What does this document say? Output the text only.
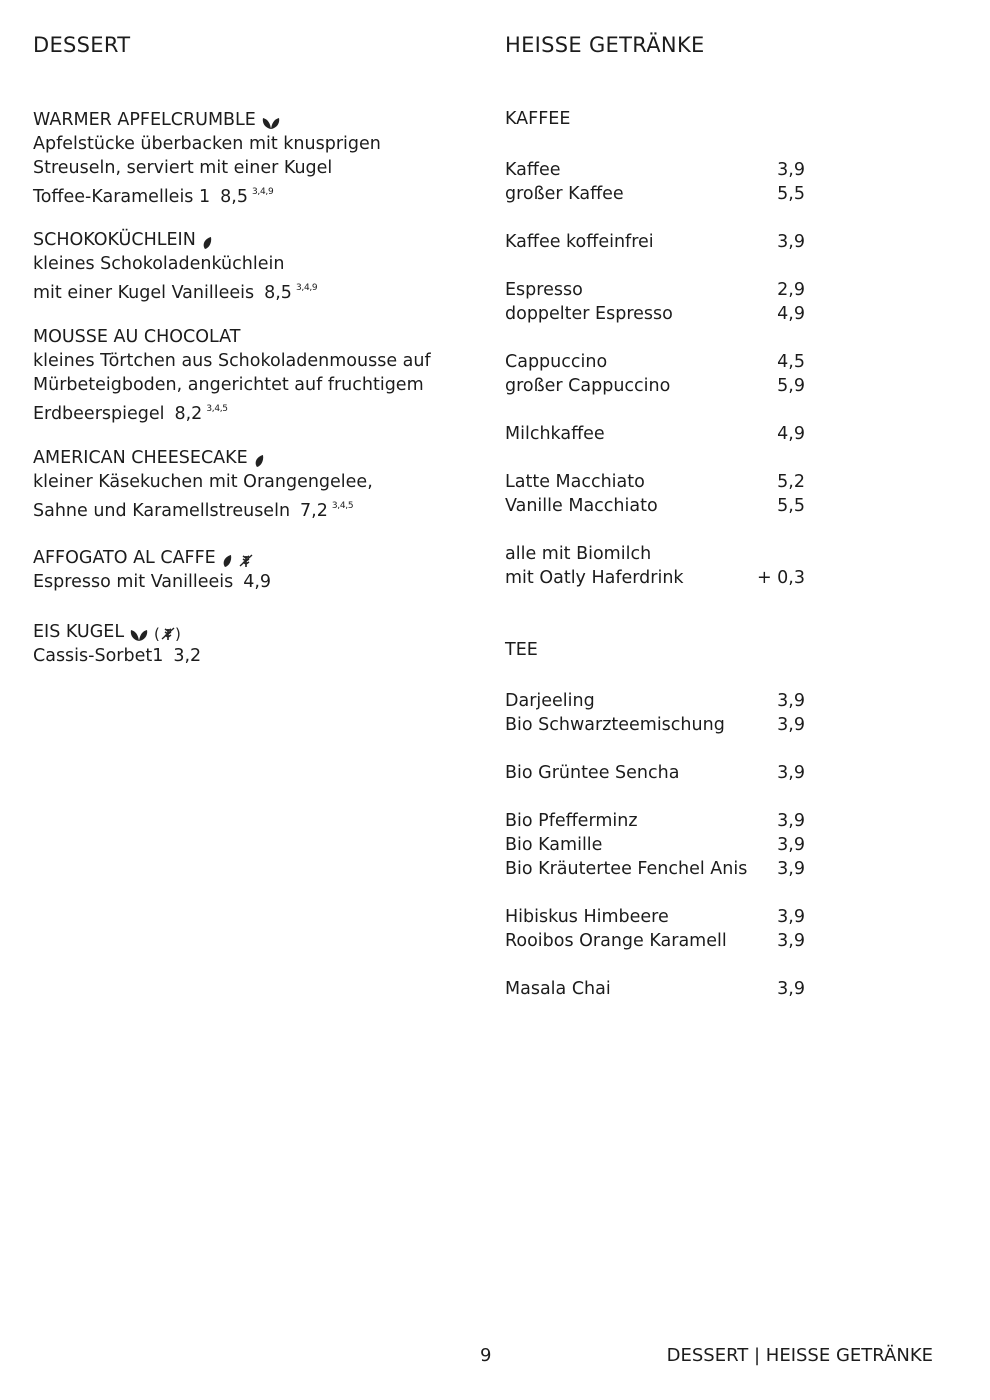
DESSERT	HEISSE GETRÄNKE
WARMER APFELCRUMBLE
Apfelstücke überbacken mit knusprigen
Streuseln, serviert mit einer Kugel
Toffee-Karamelleis 1 8,5 $^{3,4,9}$
SCHOKOKÜCHLEIN
kleines Schokoladenküchlein
mit einer Kugel Vanilleeis 8,5 $^{3,4,9}$
MOUSSE AU CHOCOLAT
kleines Törtchen aus Schokoladenmousse auf
Mürbeteigboden, angerichtet auf fruchtigem
Erdbeerspiegel 8,2 $^{3,4,5}$
AMERICAN CHEESECAKE
kleiner Käsekuchen mit Orangengelee,
Sahne und Karamellstreuseln 7,2 $^{3,4,5}$
AFFOGATO AL CAFFE
Espresso mit Vanilleeis 4,9
EIS KUGEL ( )
Cassis-Sorbet1 3,2
KAFFEE
Kaffee	3,9
großer Kaffee	5,5
Kaffee koffeinfrei	3,9
Espresso	2,9
doppelter Espresso	4,9
Cappuccino	4,5
großer Cappuccino	5,9
Milchkaffee	4,9
Latte Macchiato	5,2
Vanille Macchiato	5,5
alle mit Biomilch
mit Oatly Haferdrink	+ 0,3
TEE
Darjeeling	3,9
Bio Schwarzteemischung	3,9
Bio Grüntee Sencha	3,9
Bio Pfefferminz	3,9
Bio Kamille	3,9
Bio Kräutertee Fenchel Anis 3,9
Hibiskus Himbeere	3,9
Rooibos Orange Karamell	3,9
Masala Chai	3,9
9	DESSERT | HEISSE GETRÄNKE
